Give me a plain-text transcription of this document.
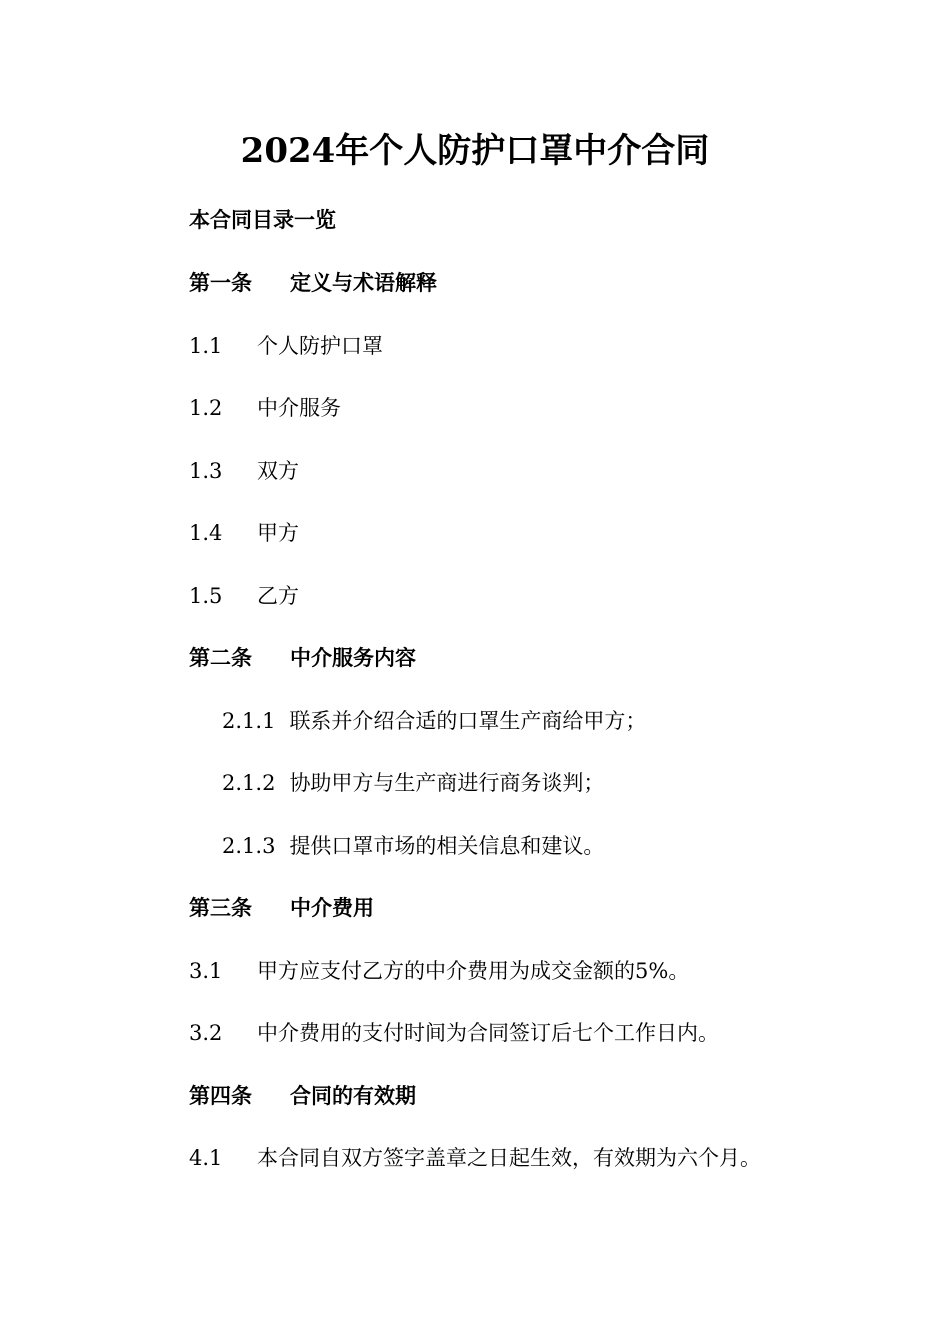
2024年个人防护口罩中介合同
本合同目录一览
第一条 定义与术语解释
1.1 个人防护口罩
1.2 中介服务
1.3 双方
1.4 甲方
1.5 乙方
第二条 中介服务内容
2.1.1 联系并介绍合适的口罩生产商给甲方；
2.1.2 协助甲方与生产商进行商务谈判；
2.1.3 提供口罩市场的相关信息和建议。
第三条 中介费用
3.1 甲方应支付乙方的中介费用为成交金额的5%。
3.2 中介费用的支付时间为合同签订后七个工作日内。
第四条 合同的有效期
4.1 本合同自双方签字盖章之日起生效，有效期为六个月。
